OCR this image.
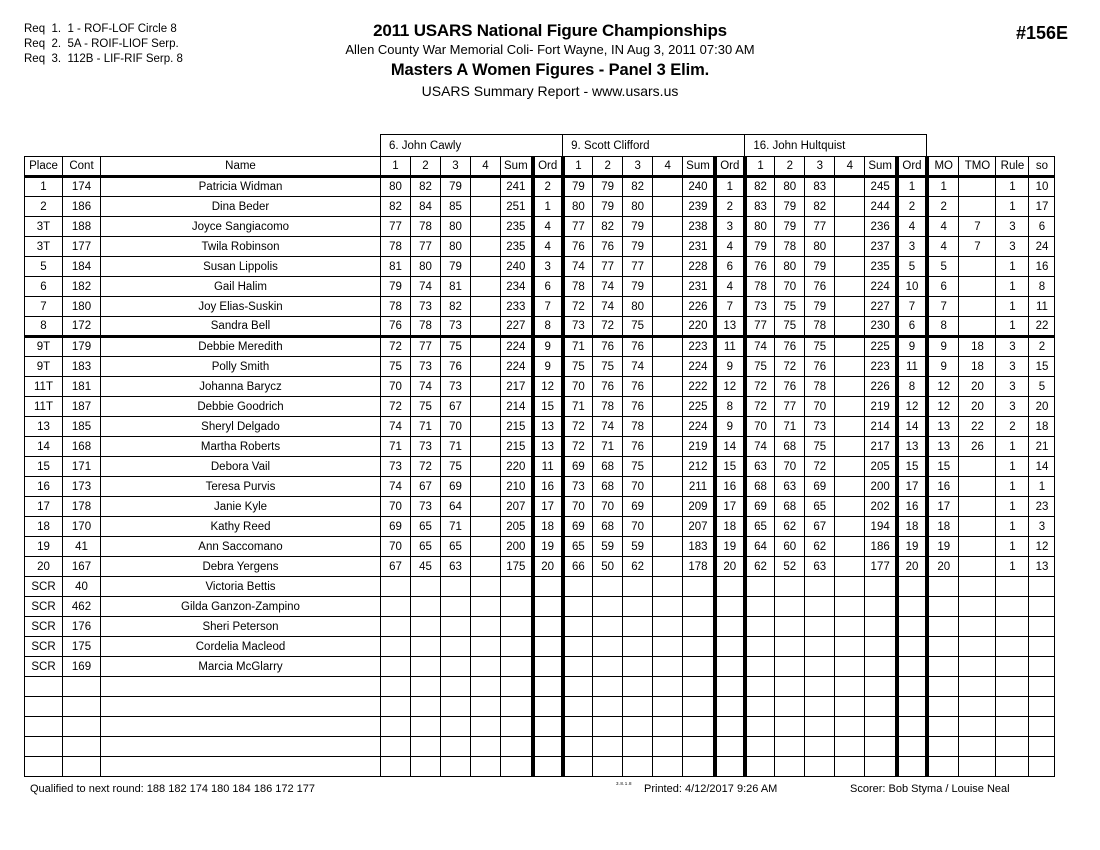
Req  1.  1 - ROF-LOF Circle 8
Req  2.  5A - ROIF-LIOF Serp.
Req  3.  112B - LIF-RIF Serp. 8
2011 USARS National Figure Championships
Allen County War Memorial Coli- Fort Wayne, IN Aug 3, 2011 07:30 AM
Masters A Women Figures - Panel 3 Elim.
USARS Summary Report - www.usars.us
#156E
			6. John Cawly						9. Scott Clifford						16. John Hultquist									
Place	Cont	Name	1	2	3	4	Sum	Ord	1	2	3	4	Sum	Ord	1	2	3	4	Sum	Ord	MO	TMO	Rule	so
1	174	Patricia Widman	80	82	79		241	2	79	79	82		240	1	82	80	83		245	1	1		1	10
2	186	Dina Beder	82	84	85		251	1	80	79	80		239	2	83	79	82		244	2	2		1	17
3T	188	Joyce Sangiacomo	77	78	80		235	4	77	82	79		238	3	80	79	77		236	4	4	7	3	6
3T	177	Twila Robinson	78	77	80		235	4	76	76	79		231	4	79	78	80		237	3	4	7	3	24
5	184	Susan Lippolis	81	80	79		240	3	74	77	77		228	6	76	80	79		235	5	5		1	16
6	182	Gail Halim	79	74	81		234	6	78	74	79		231	4	78	70	76		224	10	6		1	8
7	180	Joy Elias-Suskin	78	73	82		233	7	72	74	80		226	7	73	75	79		227	7	7		1	11
8	172	Sandra Bell	76	78	73		227	8	73	72	75		220	13	77	75	78		230	6	8		1	22
9T	179	Debbie Meredith	72	77	75		224	9	71	76	76		223	11	74	76	75		225	9	9	18	3	2
9T	183	Polly Smith	75	73	76		224	9	75	75	74		224	9	75	72	76		223	11	9	18	3	15
11T	181	Johanna Barycz	70	74	73		217	12	70	76	76		222	12	72	76	78		226	8	12	20	3	5
11T	187	Debbie Goodrich	72	75	67		214	15	71	78	76		225	8	72	77	70		219	12	12	20	3	20
13	185	Sheryl Delgado	74	71	70		215	13	72	74	78		224	9	70	71	73		214	14	13	22	2	18
14	168	Martha Roberts	71	73	71		215	13	72	71	76		219	14	74	68	75		217	13	13	26	1	21
15	171	Debora Vail	73	72	75		220	11	69	68	75		212	15	63	70	72		205	15	15		1	14
16	173	Teresa Purvis	74	67	69		210	16	73	68	70		211	16	68	63	69		200	17	16		1	1
17	178	Janie Kyle	70	73	64		207	17	70	70	69		209	17	69	68	65		202	16	17		1	23
18	170	Kathy Reed	69	65	71		205	18	69	68	70		207	18	65	62	67		194	18	18		1	3
19	41	Ann Saccomano	70	65	65		200	19	65	59	59		183	19	64	60	62		186	19	19		1	12
20	167	Debra Yergens	67	45	63		175	20	66	50	62		178	20	62	52	63		177	20	20		1	13
SCR	40	Victoria Bettis																						
SCR	462	Gilda Ganzon-Zampino																						
SCR	176	Sheri Peterson																						
SCR	175	Cordelia Macleod																						
SCR	169	Marcia McGlarry																						

Qualified to next round: 188 182 174 180 184 186 172 177	3.8.1.8 Printed: 4/12/2017 9:26 AM	Scorer: Bob Styma / Louise Neal
